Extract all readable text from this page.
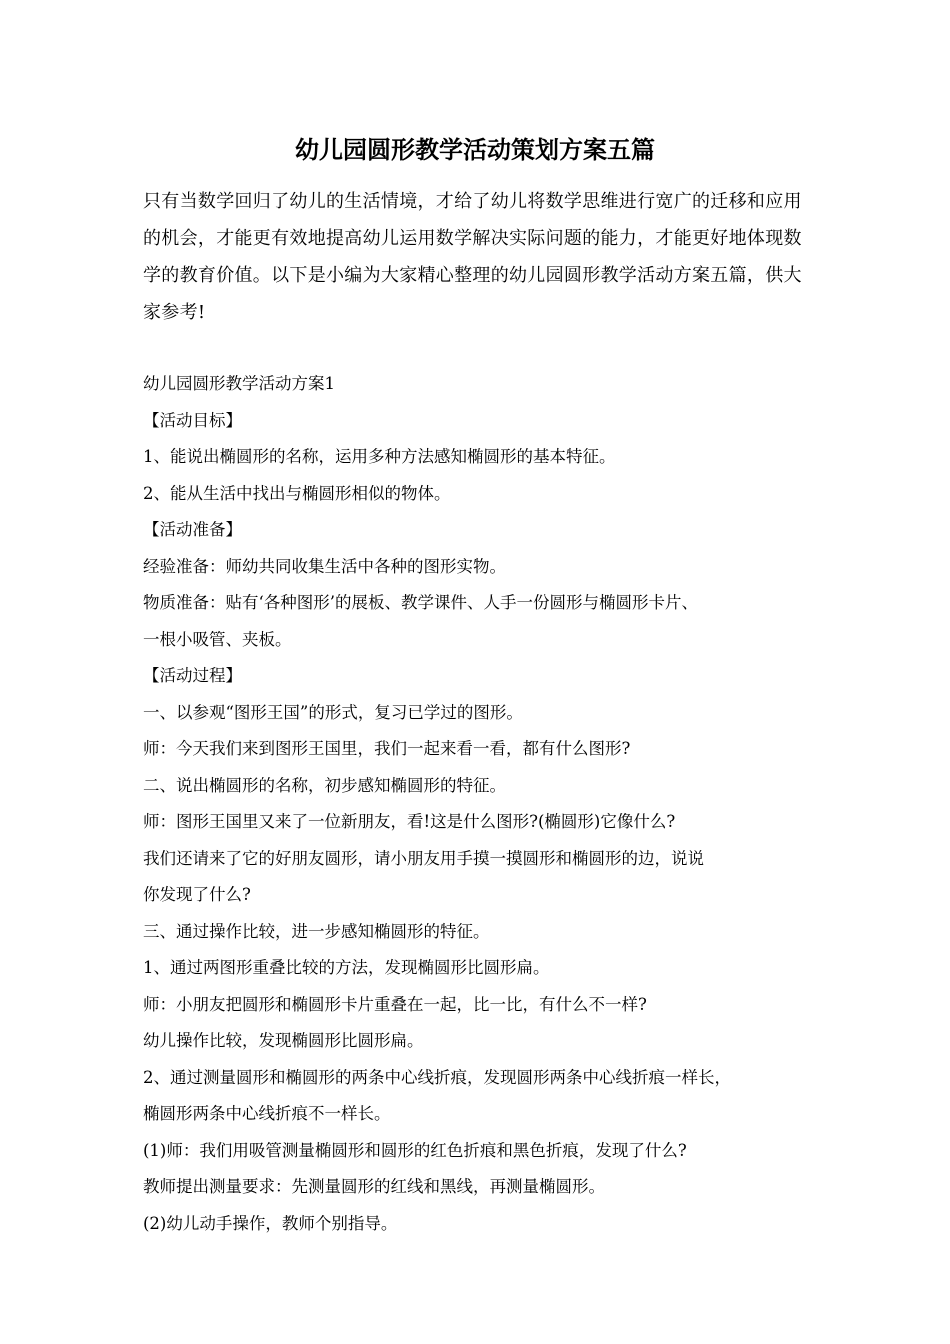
幼儿园圆形教学活动策划方案五篇
只有当数学回归了幼儿的生活情境，才给了幼儿将数学思维进行宽广的迁移和应用的机会，才能更有效地提高幼儿运用数学解决实际问题的能力，才能更好地体现数学的教育价值。以下是小编为大家精心整理的幼儿园圆形教学活动方案五篇，供大家参考!
幼儿园圆形教学活动方案1
【活动目标】
1、能说出椭圆形的名称，运用多种方法感知椭圆形的基本特征。
2、能从生活中找出与椭圆形相似的物体。
【活动准备】
经验准备：师幼共同收集生活中各种的图形实物。
物质准备：贴有‘各种图形’的展板、教学课件、人手一份圆形与椭圆形卡片、
一根小吸管、夹板。
【活动过程】
一、以参观“图形王国”的形式，复习已学过的图形。
师：今天我们来到图形王国里，我们一起来看一看，都有什么图形?
二、说出椭圆形的名称，初步感知椭圆形的特征。
师：图形王国里又来了一位新朋友，看!这是什么图形?(椭圆形)它像什么?
我们还请来了它的好朋友圆形，请小朋友用手摸一摸圆形和椭圆形的边，说说
你发现了什么?
三、通过操作比较，进一步感知椭圆形的特征。
1、通过两图形重叠比较的方法，发现椭圆形比圆形扁。
师：小朋友把圆形和椭圆形卡片重叠在一起，比一比，有什么不一样?
幼儿操作比较，发现椭圆形比圆形扁。
2、通过测量圆形和椭圆形的两条中心线折痕，发现圆形两条中心线折痕一样长，
椭圆形两条中心线折痕不一样长。
(1)师：我们用吸管测量椭圆形和圆形的红色折痕和黑色折痕，发现了什么?
教师提出测量要求：先测量圆形的红线和黑线，再测量椭圆形。
(2)幼儿动手操作，教师个别指导。
